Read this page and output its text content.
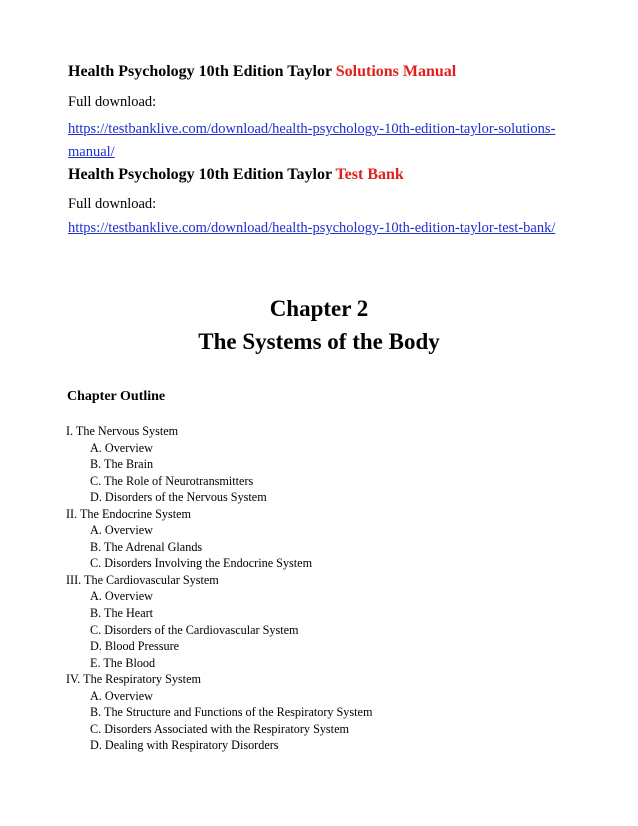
Health Psychology 10th Edition Taylor Solutions Manual
Full download:
https://testbanklive.com/download/health-psychology-10th-edition-taylor-solutions-
manual/
Health Psychology 10th Edition Taylor Test Bank
Full download:
https://testbanklive.com/download/health-psychology-10th-edition-taylor-test-bank/
Chapter 2
The Systems of the Body
Chapter Outline
I. The Nervous System
A. Overview
B. The Brain
C. The Role of Neurotransmitters
D. Disorders of the Nervous System
II. The Endocrine System
A. Overview
B. The Adrenal Glands
C. Disorders Involving the Endocrine System
III. The Cardiovascular System
A. Overview
B. The Heart
C. Disorders of the Cardiovascular System
D. Blood Pressure
E. The Blood
IV. The Respiratory System
A. Overview
B. The Structure and Functions of the Respiratory System
C. Disorders Associated with the Respiratory System
D. Dealing with Respiratory Disorders
